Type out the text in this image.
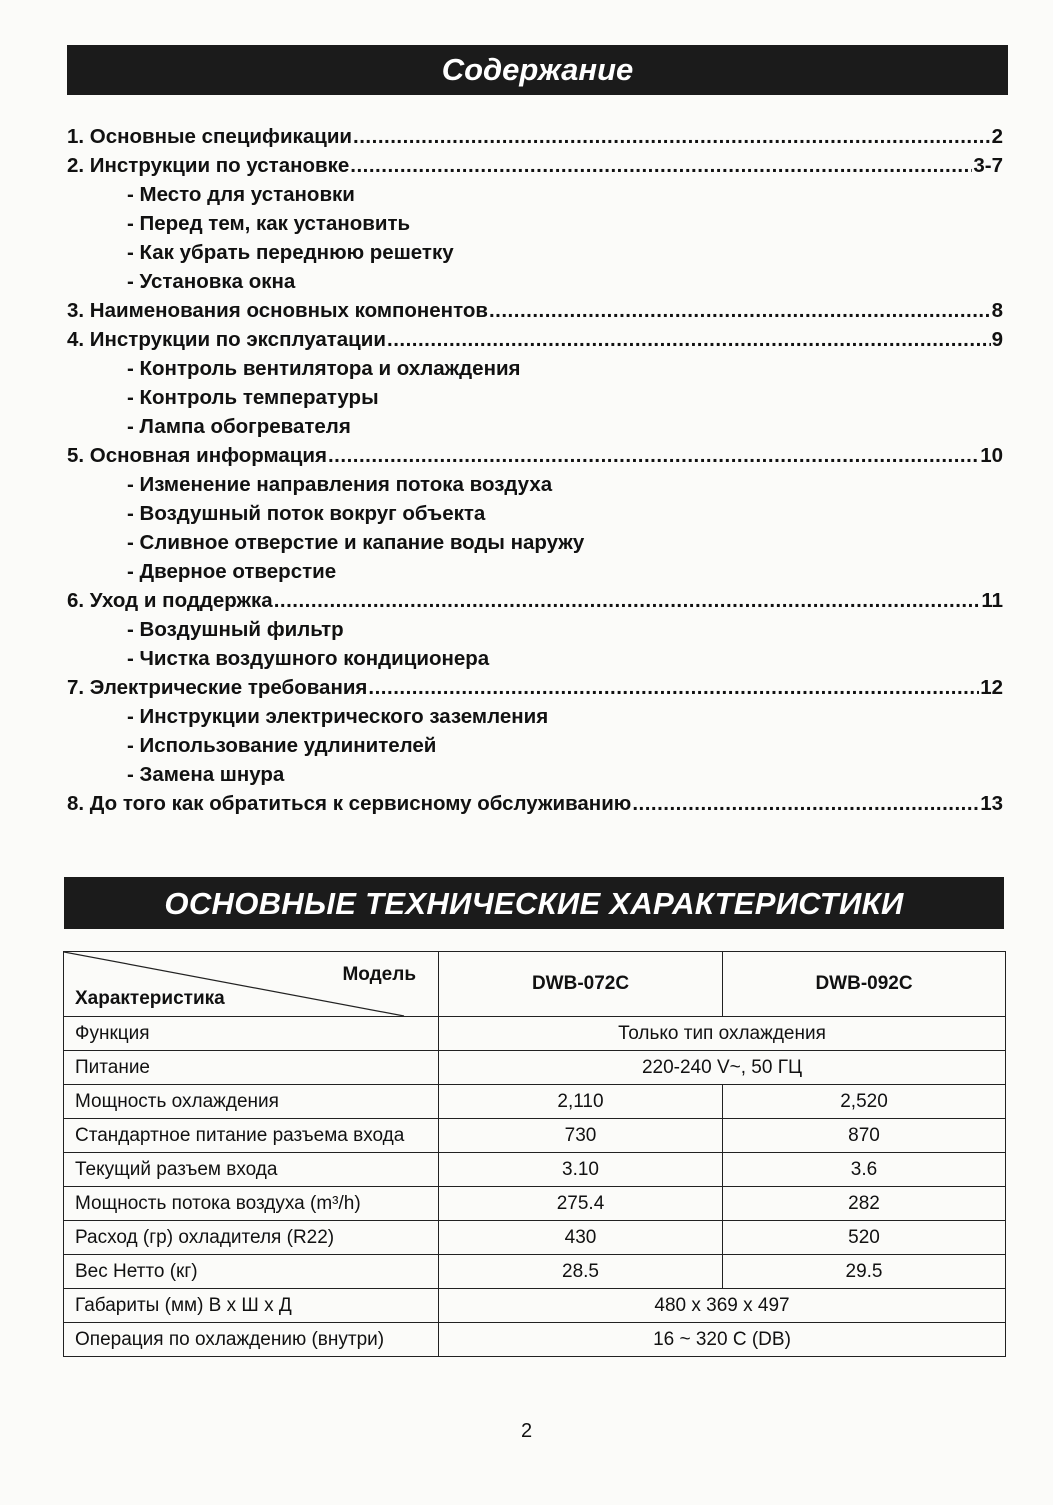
Содержание
1. Основные спецификации .....	2
2. Инструкции по установке .....	3-7
- Место для установки
- Перед тем, как установить
- Как убрать переднюю решетку
- Установка окна
3. Наименования основных компонентов .....	8
4. Инструкции по эксплуатации .....	9
- Контроль вентилятора и охлаждения
- Контроль температуры
- Лампа обогревателя
5. Основная информация .....	10
- Изменение направления потока воздуха
- Воздушный поток вокруг объекта
- Сливное отверстие и капание воды наружу
- Дверное отверстие
6. Уход и поддержка .....	11
- Воздушный фильтр
- Чистка воздушного кондиционера
7. Электрические требования .....	12
- Инструкции электрического заземления
- Использование удлинителей
- Замена шнура
8. До того как обратиться к сервисному обслуживанию .....	13
ОСНОВНЫЕ ТЕХНИЧЕСКИЕ ХАРАКТЕРИСТИКИ
Модель
Характеристика	DWB-072C	DWB-092C
Функция	Только тип охлаждения	
Питание	220-240 V~, 50 ГЦ	
Мощность охлаждения	2,110	2,520
Стандартное питание разъема входа	730	870
Текущий разъем входа	3.10	3.6
Мощность потока воздуха (m³/h)	275.4	282
Расход (гр) охладителя (R22)	430	520
Вес Нетто (кг)	28.5	29.5
Габариты (мм) В x Ш x Д	480 x 369 x 497	
Операция по охлаждению (внутри)	16 ~ 320 C (DB)	
2
